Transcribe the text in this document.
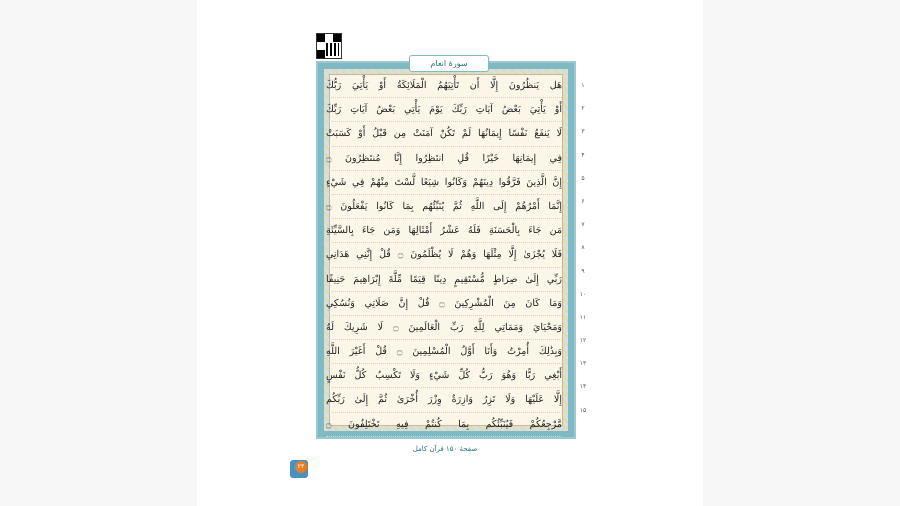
سورهٔ انعام
هَل يَنظُرُونَ إِلَّا أَن تَأْتِيَهُمُ الْمَلَائِكَةُ أَوْ يَأْتِيَ رَبُّكَ
أَوْ يَأْتِيَ بَعْضُ آيَاتِ رَبِّكَ يَوْمَ يَأْتِي بَعْضُ آيَاتِ رَبِّكَ
لَا يَنفَعُ نَفْسًا إِيمَانُهَا لَمْ تَكُنْ آمَنَتْ مِن قَبْلُ أَوْ كَسَبَتْ
فِي إِيمَانِهَا خَيْرًا قُلِ انتَظِرُوا إِنَّا مُنتَظِرُونَ ۝
إِنَّ الَّذِينَ فَرَّقُوا دِينَهُمْ وَكَانُوا شِيَعًا لَّسْتَ مِنْهُمْ فِي شَيْءٍ
إِنَّمَا أَمْرُهُمْ إِلَى اللَّهِ ثُمَّ يُنَبِّئُهُم بِمَا كَانُوا يَفْعَلُونَ ۝
مَن جَاءَ بِالْحَسَنَةِ فَلَهُ عَشْرُ أَمْثَالِهَا وَمَن جَاءَ بِالسَّيِّئَةِ
فَلَا يُجْزَىٰ إِلَّا مِثْلَهَا وَهُمْ لَا يُظْلَمُونَ ۝ قُلْ إِنَّنِي هَدَانِي
رَبِّي إِلَىٰ صِرَاطٍ مُّسْتَقِيمٍ دِينًا قِيَمًا مِّلَّةَ إِبْرَاهِيمَ حَنِيفًا
وَمَا كَانَ مِنَ الْمُشْرِكِينَ ۝ قُلْ إِنَّ صَلَاتِي وَنُسُكِي
وَمَحْيَايَ وَمَمَاتِي لِلَّهِ رَبِّ الْعَالَمِينَ ۝ لَا شَرِيكَ لَهُ
وَبِذَٰلِكَ أُمِرْتُ وَأَنَا أَوَّلُ الْمُسْلِمِينَ ۝ قُلْ أَغَيْرَ اللَّهِ
أَبْغِي رَبًّا وَهُوَ رَبُّ كُلِّ شَيْءٍ وَلَا تَكْسِبُ كُلُّ نَفْسٍ
إِلَّا عَلَيْهَا وَلَا تَزِرُ وَازِرَةٌ وِزْرَ أُخْرَىٰ ثُمَّ إِلَىٰ رَبِّكُم
مَّرْجِعُكُمْ فَيُنَبِّئُكُم بِمَا كُنتُمْ فِيهِ تَخْتَلِفُونَ ۝
۱
۲
۳
۴
۵
۶
۷
۸
۹
۱۰
۱۱
۱۲
۱۳
۱۴
۱۵
صفحهٔ ۱۵۰ قرآن کامل
۲۳
